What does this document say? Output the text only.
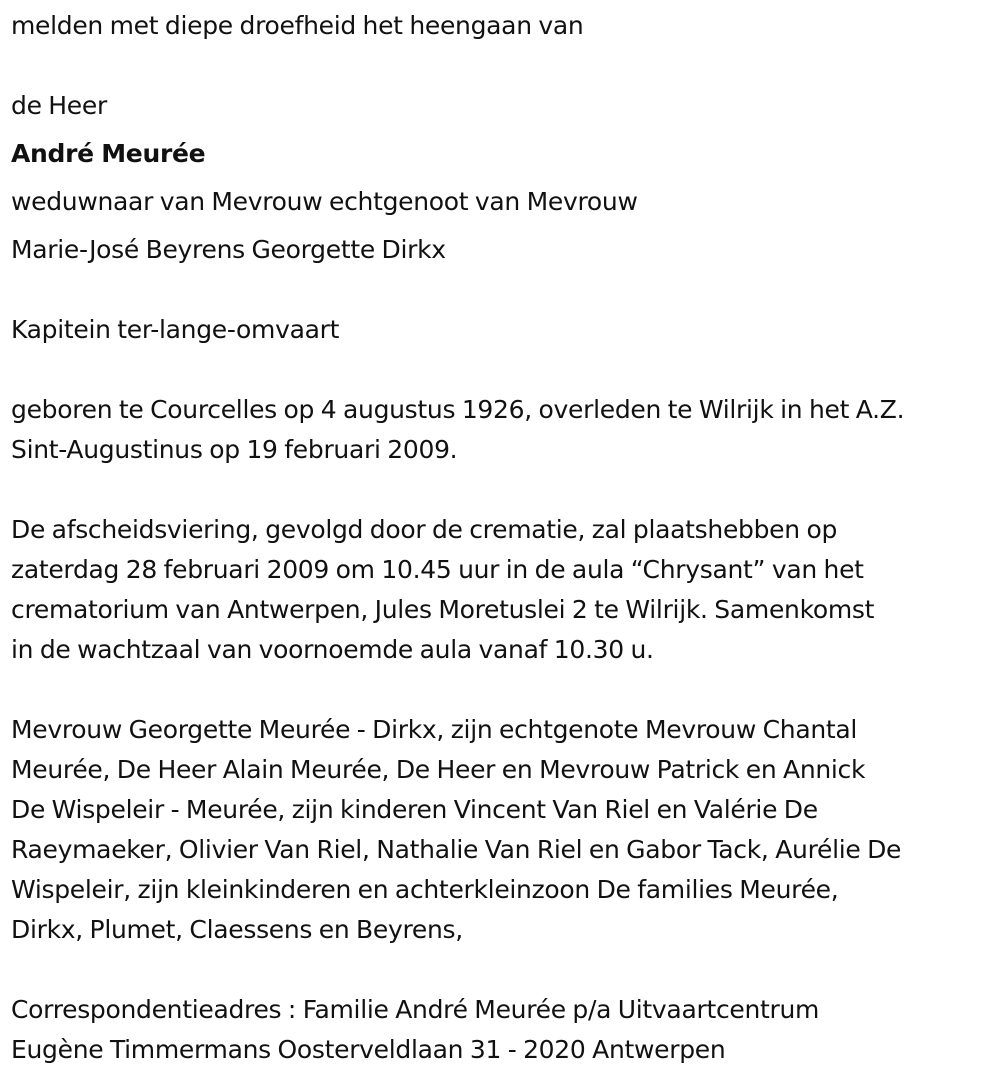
melden met diepe droefheid het heengaan van
de Heer
André Meurée
weduwnaar van Mevrouw echtgenoot van Mevrouw
Marie-José Beyrens Georgette Dirkx
Kapitein ter-lange-omvaart
geboren te Courcelles op 4 augustus 1926, overleden te Wilrijk in het A.Z.
Sint-Augustinus op 19 februari 2009.
De afscheidsviering, gevolgd door de crematie, zal plaatshebben op
zaterdag 28 februari 2009 om 10.45 uur in de aula “Chrysant” van het
crematorium van Antwerpen, Jules Moretuslei 2 te Wilrijk. Samenkomst
in de wachtzaal van voornoemde aula vanaf 10.30 u.
Mevrouw Georgette Meurée - Dirkx, zijn echtgenote Mevrouw Chantal
Meurée, De Heer Alain Meurée, De Heer en Mevrouw Patrick en Annick
De Wispeleir - Meurée, zijn kinderen Vincent Van Riel en Valérie De
Raeymaeker, Olivier Van Riel, Nathalie Van Riel en Gabor Tack, Aurélie De
Wispeleir, zijn kleinkinderen en achterkleinzoon De families Meurée,
Dirkx, Plumet, Claessens en Beyrens,
Correspondentieadres : Familie André Meurée p/a Uitvaartcentrum
Eugène Timmermans Oosterveldlaan 31 - 2020 Antwerpen
